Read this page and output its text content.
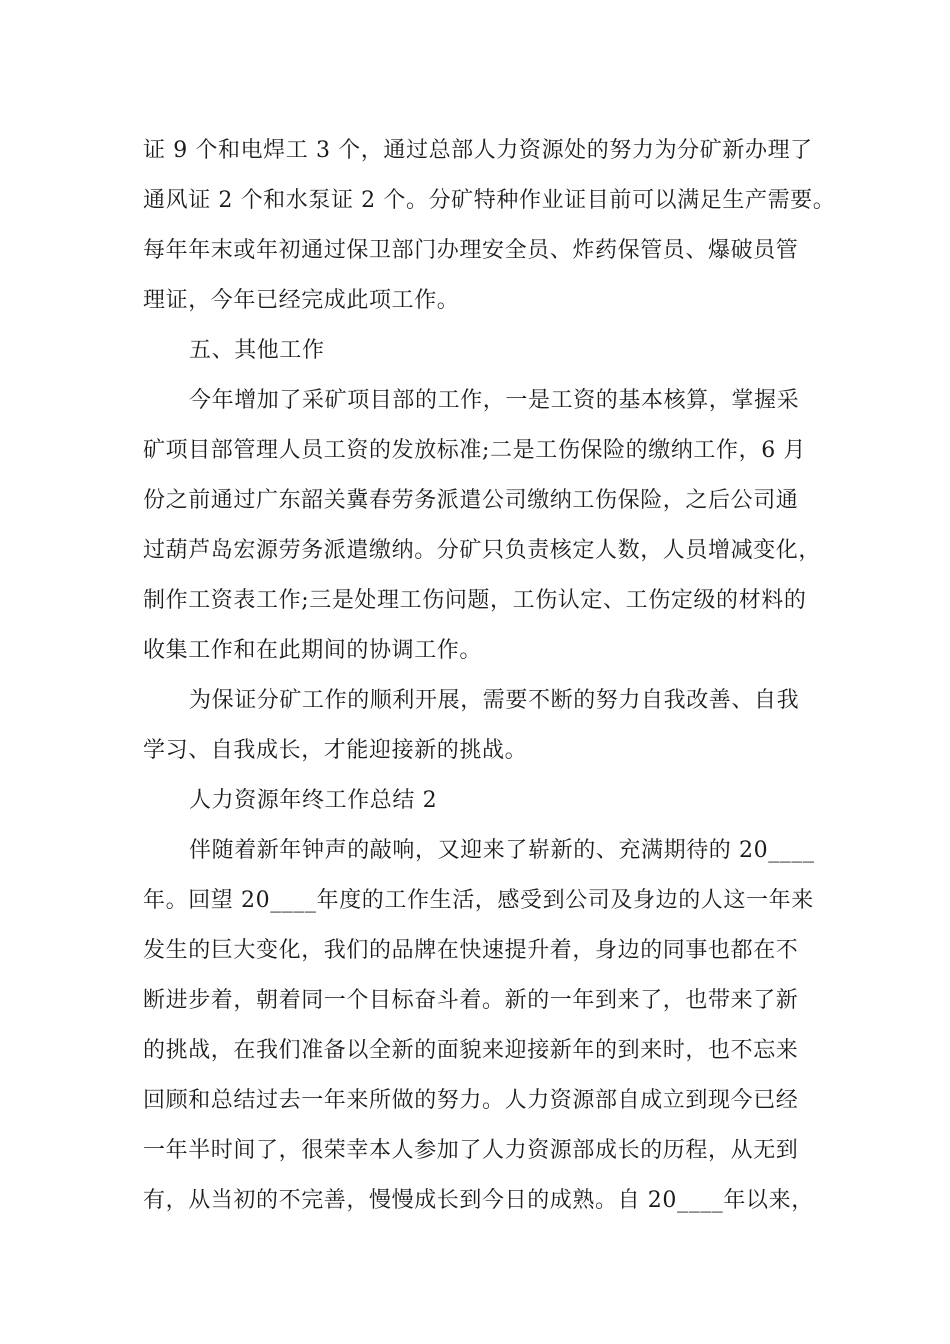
证 9 个和电焊工 3 个，通过总部人力资源处的努力为分矿新办理了
通风证 2 个和水泵证 2 个。分矿特种作业证目前可以满足生产需要。
每年年末或年初通过保卫部门办理安全员、炸药保管员、爆破员管
理证，今年已经完成此项工作。
五、其他工作
今年增加了采矿项目部的工作，一是工资的基本核算，掌握采
矿项目部管理人员工资的发放标准;二是工伤保险的缴纳工作，6 月
份之前通过广东韶关冀春劳务派遣公司缴纳工伤保险，之后公司通
过葫芦岛宏源劳务派遣缴纳。分矿只负责核定人数，人员增减变化，
制作工资表工作;三是处理工伤问题，工伤认定、工伤定级的材料的
收集工作和在此期间的协调工作。
为保证分矿工作的顺利开展，需要不断的努力自我改善、自我
学习、自我成长，才能迎接新的挑战。
人力资源年终工作总结 2
伴随着新年钟声的敲响，又迎来了崭新的、充满期待的 20____
年。回望 20____年度的工作生活，感受到公司及身边的人这一年来
发生的巨大变化，我们的品牌在快速提升着，身边的同事也都在不
断进步着，朝着同一个目标奋斗着。新的一年到来了，也带来了新
的挑战，在我们准备以全新的面貌来迎接新年的到来时，也不忘来
回顾和总结过去一年来所做的努力。人力资源部自成立到现今已经
一年半时间了，很荣幸本人参加了人力资源部成长的历程，从无到
有，从当初的不完善，慢慢成长到今日的成熟。自 20____年以来，
